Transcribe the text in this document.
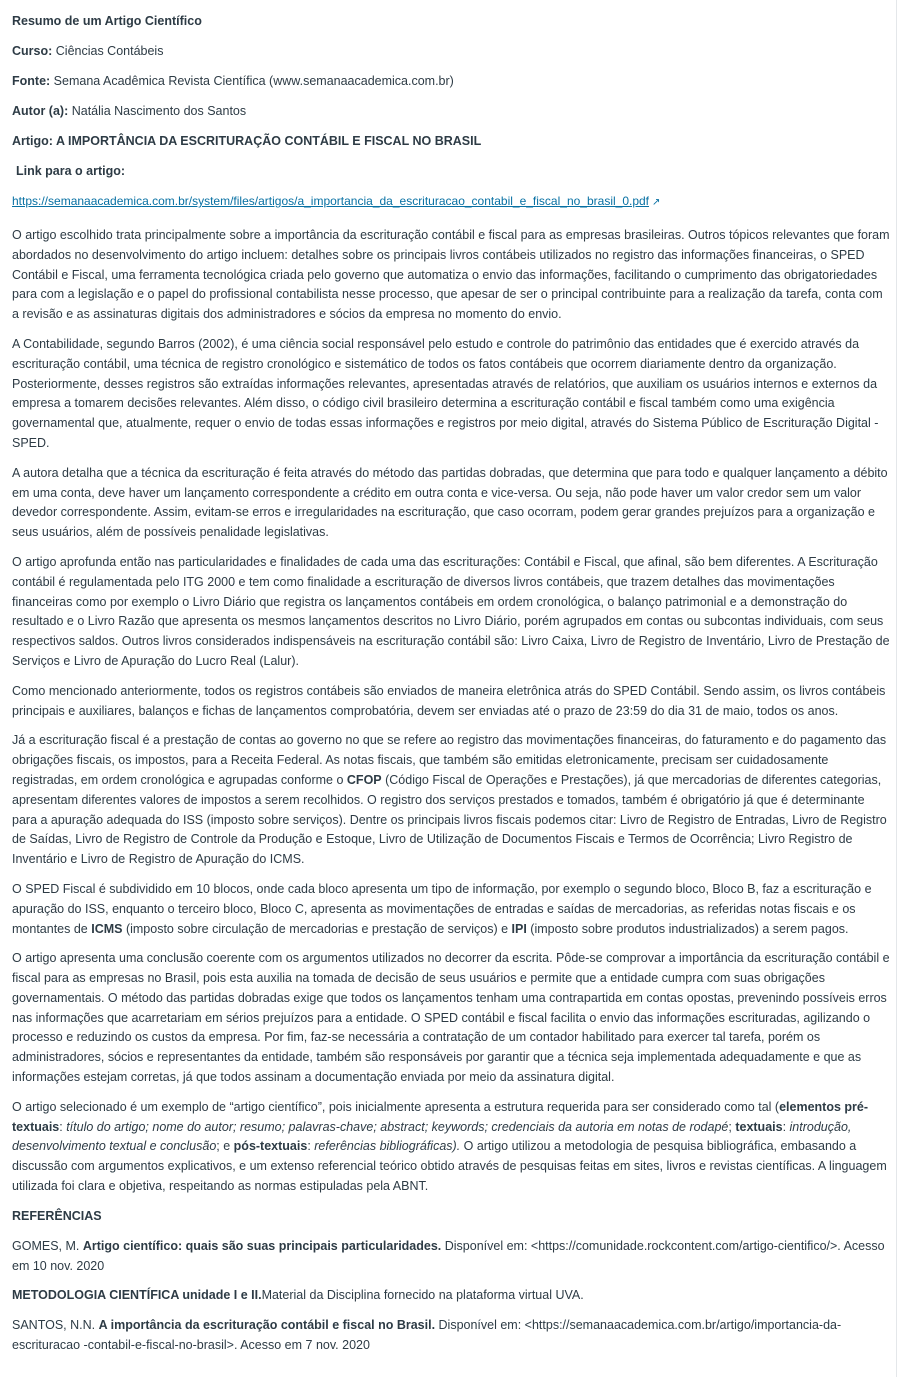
Resumo de um Artigo Científico

Curso: Ciências Contábeis

Fonte: Semana Acadêmica Revista Científica (www.semanaacademica.com.br)

Autor (a): Natália Nascimento dos Santos

Artigo: A IMPORTÂNCIA DA ESCRITURAÇÃO CONTÁBIL E FISCAL NO BRASIL

Link para o artigo:

https://semanaacademica.com.br/system/files/artigos/a_importancia_da_escrituracao_contabil_e_fiscal_no_brasil_0.pdf ↗

O artigo escolhido trata principalmente sobre a importância da escrituração contábil e fiscal para as empresas brasileiras. Outros tópicos relevantes que foram abordados no desenvolvimento do artigo incluem: detalhes sobre os principais livros contábeis utilizados no registro das informações financeiras, o SPED Contábil e Fiscal, uma ferramenta tecnológica criada pelo governo que automatiza o envio das informações, facilitando o cumprimento das obrigatoriedades para com a legislação e o papel do profissional contabilista nesse processo, que apesar de ser o principal contribuinte para a realização da tarefa, conta com a revisão e as assinaturas digitais dos administradores e sócios da empresa no momento do envio.

A Contabilidade, segundo Barros (2002), é uma ciência social responsável pelo estudo e controle do patrimônio das entidades que é exercido através da escrituração contábil, uma técnica de registro cronológico e sistemático de todos os fatos contábeis que ocorrem diariamente dentro da organização. Posteriormente, desses registros são extraídas informações relevantes, apresentadas através de relatórios, que auxiliam os usuários internos e externos da empresa a tomarem decisões relevantes. Além disso, o código civil brasileiro determina a escrituração contábil e fiscal também como uma exigência governamental que, atualmente, requer o envio de todas essas informações e registros por meio digital, através do Sistema Público de Escrituração Digital - SPED.

A autora detalha que a técnica da escrituração é feita através do método das partidas dobradas, que determina que para todo e qualquer lançamento a débito em uma conta, deve haver um lançamento correspondente a crédito em outra conta e vice-versa. Ou seja, não pode haver um valor credor sem um valor devedor correspondente. Assim, evitam-se erros e irregularidades na escrituração, que caso ocorram, podem gerar grandes prejuízos para a organização e seus usuários, além de possíveis penalidade legislativas.

O artigo aprofunda então nas particularidades e finalidades de cada uma das escriturações: Contábil e Fiscal, que afinal, são bem diferentes. A Escrituração contábil é regulamentada pelo ITG 2000 e tem como finalidade a escrituração de diversos livros contábeis, que trazem detalhes das movimentações financeiras como por exemplo o Livro Diário que registra os lançamentos contábeis em ordem cronológica, o balanço patrimonial e a demonstração do resultado e o Livro Razão que apresenta os mesmos lançamentos descritos no Livro Diário, porém agrupados em contas ou subcontas individuais, com seus respectivos saldos. Outros livros considerados indispensáveis na escrituração contábil são: Livro Caixa, Livro de Registro de Inventário, Livro de Prestação de Serviços e Livro de Apuração do Lucro Real (Lalur).

Como mencionado anteriormente, todos os registros contábeis são enviados de maneira eletrônica atrás do SPED Contábil. Sendo assim, os livros contábeis principais e auxiliares, balanços e fichas de lançamentos comprobatória, devem ser enviadas até o prazo de 23:59 do dia 31 de maio, todos os anos.

Já a escrituração fiscal é a prestação de contas ao governo no que se refere ao registro das movimentações financeiras, do faturamento e do pagamento das obrigações fiscais, os impostos, para a Receita Federal. As notas fiscais, que também são emitidas eletronicamente, precisam ser cuidadosamente registradas, em ordem cronológica e agrupadas conforme o CFOP (Código Fiscal de Operações e Prestações), já que mercadorias de diferentes categorias, apresentam diferentes valores de impostos a serem recolhidos. O registro dos serviços prestados e tomados, também é obrigatório já que é determinante para a apuração adequada do ISS (imposto sobre serviços). Dentre os principais livros fiscais podemos citar: Livro de Registro de Entradas, Livro de Registro de Saídas, Livro de Registro de Controle da Produção e Estoque, Livro de Utilização de Documentos Fiscais e Termos de Ocorrência; Livro Registro de Inventário e Livro de Registro de Apuração do ICMS.

O SPED Fiscal é subdividido em 10 blocos, onde cada bloco apresenta um tipo de informação, por exemplo o segundo bloco, Bloco B, faz a escrituração e apuração do ISS, enquanto o terceiro bloco, Bloco C, apresenta as movimentações de entradas e saídas de mercadorias, as referidas notas fiscais e os montantes de ICMS (imposto sobre circulação de mercadorias e prestação de serviços) e IPI (imposto sobre produtos industrializados) a serem pagos.

O artigo apresenta uma conclusão coerente com os argumentos utilizados no decorrer da escrita. Pôde-se comprovar a importância da escrituração contábil e fiscal para as empresas no Brasil, pois esta auxilia na tomada de decisão de seus usuários e permite que a entidade cumpra com suas obrigações governamentais. O método das partidas dobradas exige que todos os lançamentos tenham uma contrapartida em contas opostas, prevenindo possíveis erros nas informações que acarretariam em sérios prejuízos para a entidade. O SPED contábil e fiscal facilita o envio das informações escrituradas, agilizando o processo e reduzindo os custos da empresa. Por fim, faz-se necessária a contratação de um contador habilitado para exercer tal tarefa, porém os administradores, sócios e representantes da entidade, também são responsáveis por garantir que a técnica seja implementada adequadamente e que as informações estejam corretas, já que todos assinam a documentação enviada por meio da assinatura digital.

O artigo selecionado é um exemplo de “artigo científico”, pois inicialmente apresenta a estrutura requerida para ser considerado como tal (elementos pré-textuais: título do artigo; nome do autor; resumo; palavras-chave; abstract; keywords; credenciais da autoria em notas de rodapé; textuais: introdução, desenvolvimento textual e conclusão; e pós-textuais: referências bibliográficas). O artigo utilizou a metodologia de pesquisa bibliográfica, embasando a discussão com argumentos explicativos, e um extenso referencial teórico obtido através de pesquisas feitas em sites, livros e revistas científicas. A linguagem utilizada foi clara e objetiva, respeitando as normas estipuladas pela ABNT.

REFERÊNCIAS

GOMES, M. Artigo científico: quais são suas principais particularidades. Disponível em: <https://comunidade.rockcontent.com/artigo-cientifico/>. Acesso em 10 nov. 2020

METODOLOGIA CIENTÍFICA unidade I e II.Material da Disciplina fornecido na plataforma virtual UVA.

SANTOS, N.N. A importância da escrituração contábil e fiscal no Brasil. Disponível em: <https://semanaacademica.com.br/artigo/importancia-da-escrituracao -contabil-e-fiscal-no-brasil>. Acesso em 7 nov. 2020
